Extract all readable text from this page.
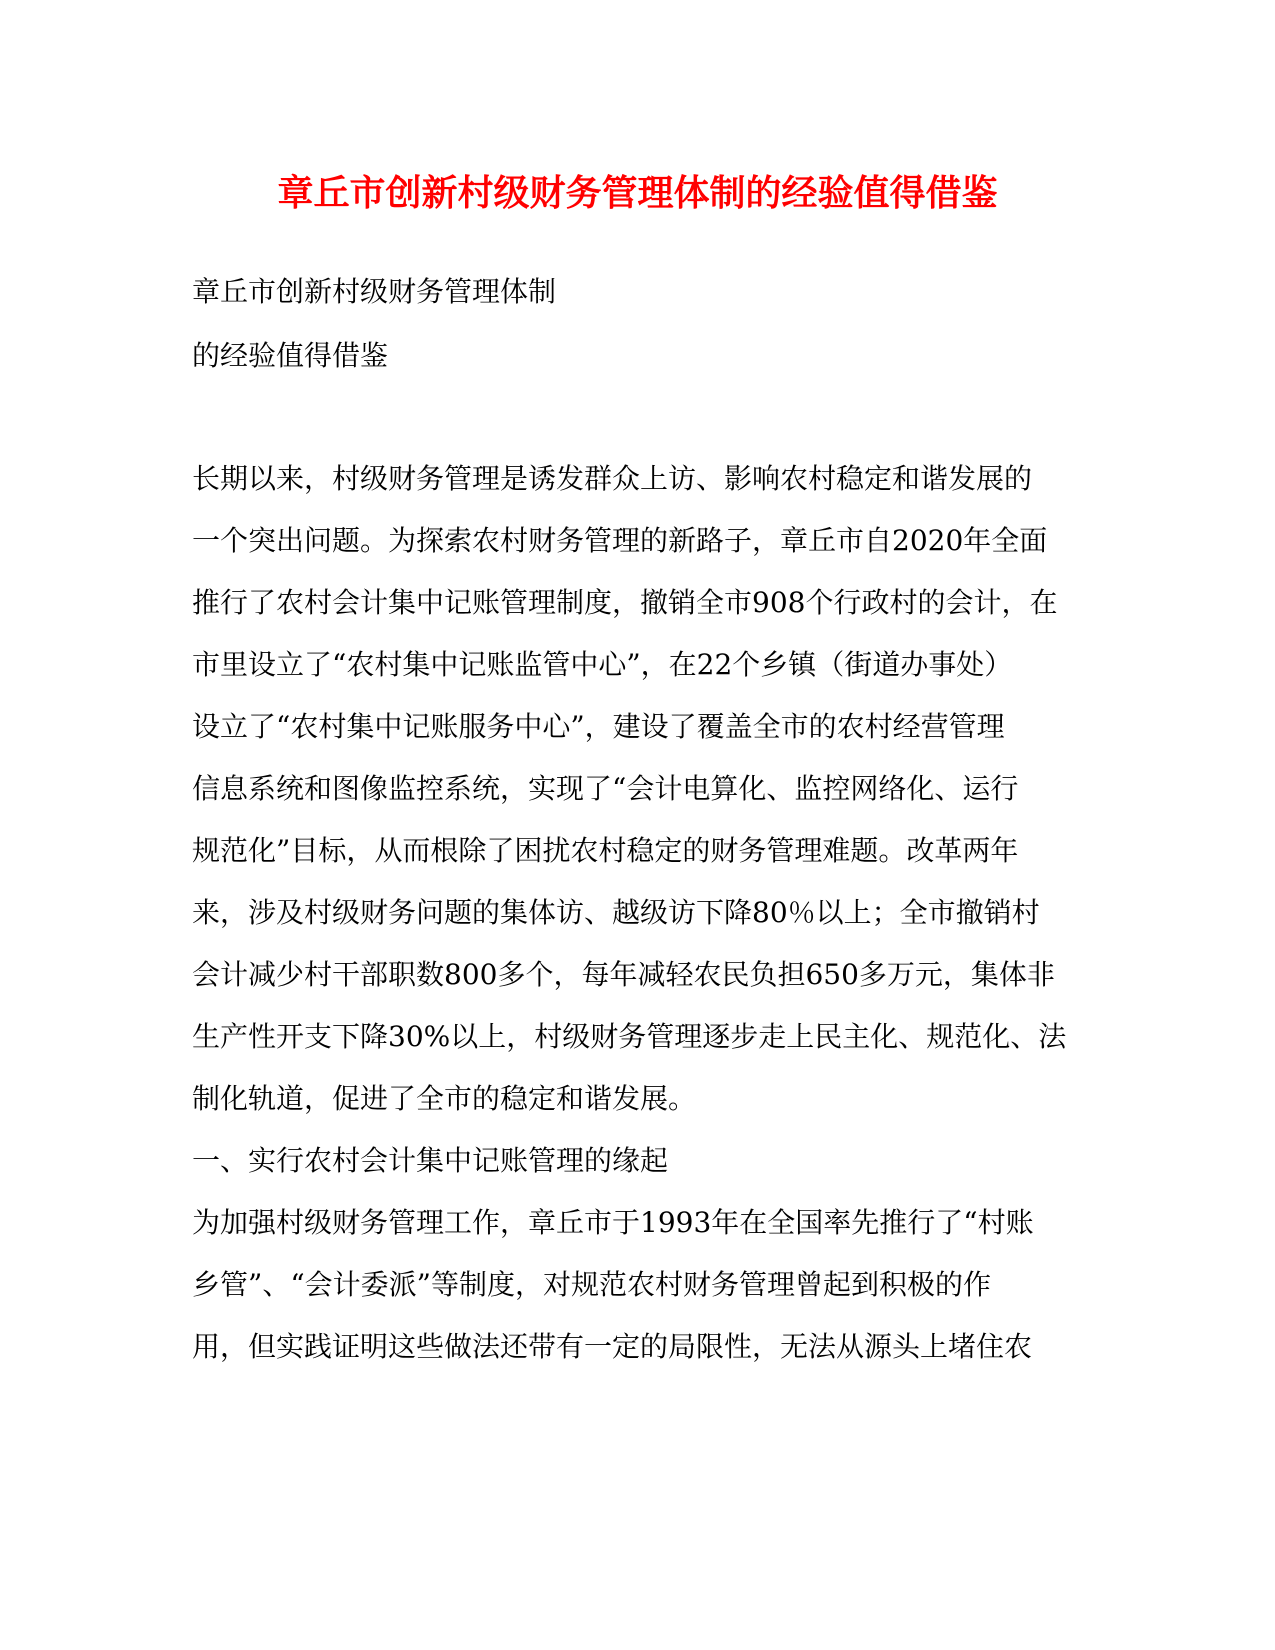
章丘市创新村级财务管理体制的经验值得借鉴

章丘市创新村级财务管理体制

的经验值得借鉴

长期以来，村级财务管理是诱发群众上访、影响农村稳定和谐发展的

一个突出问题。为探索农村财务管理的新路子，章丘市自2020年全面

推行了农村会计集中记账管理制度，撤销全市908个行政村的会计，在

市里设立了“农村集中记账监管中心”，在22个乡镇（街道办事处）

设立了“农村集中记账服务中心”，建设了覆盖全市的农村经营管理

信息系统和图像监控系统，实现了“会计电算化、监控网络化、运行

规范化”目标，从而根除了困扰农村稳定的财务管理难题。改革两年

来，涉及村级财务问题的集体访、越级访下降80％以上；全市撤销村

会计减少村干部职数800多个，每年减轻农民负担650多万元，集体非

生产性开支下降30%以上，村级财务管理逐步走上民主化、规范化、法

制化轨道，促进了全市的稳定和谐发展。

一、实行农村会计集中记账管理的缘起

为加强村级财务管理工作，章丘市于1993年在全国率先推行了“村账

乡管”、“会计委派”等制度，对规范农村财务管理曾起到积极的作

用，但实践证明这些做法还带有一定的局限性，无法从源头上堵住农
